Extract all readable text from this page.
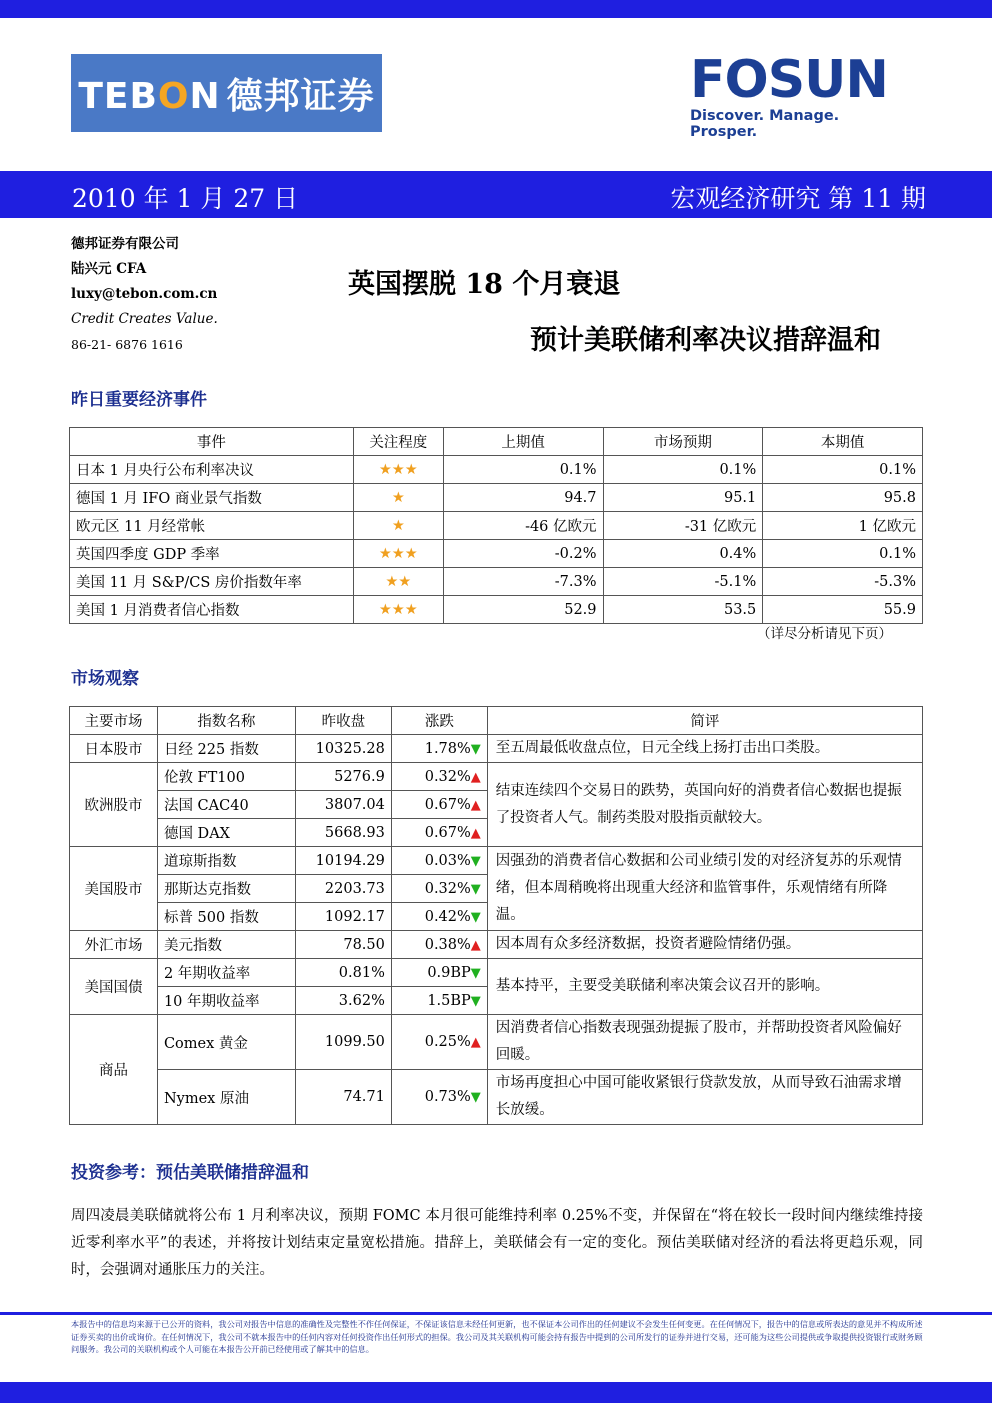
TEBON 德邦证券	FOSUN
Discover. Manage. Prosper.
2010 年 1 月 27 日	宏观经济研究 第 11 期
德邦证券有限公司
陆兴元 CFA
luxy@tebon.com.cn
Credit Creates Value.
86-21- 6876 1616
英国摆脱 18 个月衰退
预计美联储利率决议措辞温和
昨日重要经济事件
事件	关注程度	上期值	市场预期	本期值
日本 1 月央行公布利率决议	★★★	0.1%	0.1%	0.1%
德国 1 月 IFO 商业景气指数	★	94.7	95.1	95.8
欧元区 11 月经常帐	★	-46 亿欧元	-31 亿欧元	1 亿欧元
英国四季度 GDP 季率	★★★	-0.2%	0.4%	0.1%
美国 11 月 S&P/CS 房价指数年率	★★	-7.3%	-5.1%	-5.3%
美国 1 月消费者信心指数	★★★	52.9	53.5	55.9
（详尽分析请见下页）
市场观察
主要市场	指数名称	昨收盘	涨跌	简评
日本股市	日经 225 指数	10325.28	1.78%▼	至五周最低收盘点位，日元全线上扬打击出口类股。
欧洲股市	伦敦 FT100	5276.9	0.32%▲	结束连续四个交易日的跌势，英国向好的消费者信心数据也提振了投资者人气。制药类股对股指贡献较大。
	法国 CAC40	3807.04	0.67%▲	
	德国 DAX	5668.93	0.67%▲	
美国股市	道琼斯指数	10194.29	0.03%▼	因强劲的消费者信心数据和公司业绩引发的对经济复苏的乐观情绪，但本周稍晚将出现重大经济和监管事件，乐观情绪有所降温。
	那斯达克指数	2203.73	0.32%▼	
	标普 500 指数	1092.17	0.42%▼	
外汇市场	美元指数	78.50	0.38%▲	因本周有众多经济数据，投资者避险情绪仍强。
美国国债	2 年期收益率	0.81%	0.9BP▼	基本持平，主要受美联储利率决策会议召开的影响。
	10 年期收益率	3.62%	1.5BP▼	
商品	Comex 黄金	1099.50	0.25%▲	因消费者信心指数表现强劲提振了股市，并帮助投资者风险偏好回暖。
	Nymex 原油	74.71	0.73%▼	市场再度担心中国可能收紧银行贷款发放，从而导致石油需求增长放缓。
投资参考：预估美联储措辞温和
周四凌晨美联储就将公布 1 月利率决议，预期 FOMC 本月很可能维持利率 0.25%不变，并保留在“将在较长一段时间内继续维持接近零利率水平”的表述，并将按计划结束定量宽松措施。措辞上，美联储会有一定的变化。预估美联储对经济的看法将更趋乐观，同时，会强调对通胀压力的关注。
本报告中的信息均来源于已公开的资料，我公司对报告中信息的准确性及完整性不作任何保证，不保证该信息未经任何更新，也不保证本公司作出的任何建议不会发生任何变更。在任何情况下，报告中的信息或所表达的意见并不构成所述证券买卖的出价或询价。在任何情况下，我公司不就本报告中的任何内容对任何投资作出任何形式的担保。我公司及其关联机构可能会持有报告中提到的公司所发行的证券并进行交易，还可能为这些公司提供或争取提供投资银行或财务顾问服务。我公司的关联机构或个人可能在本报告公开前已经使用或了解其中的信息。
